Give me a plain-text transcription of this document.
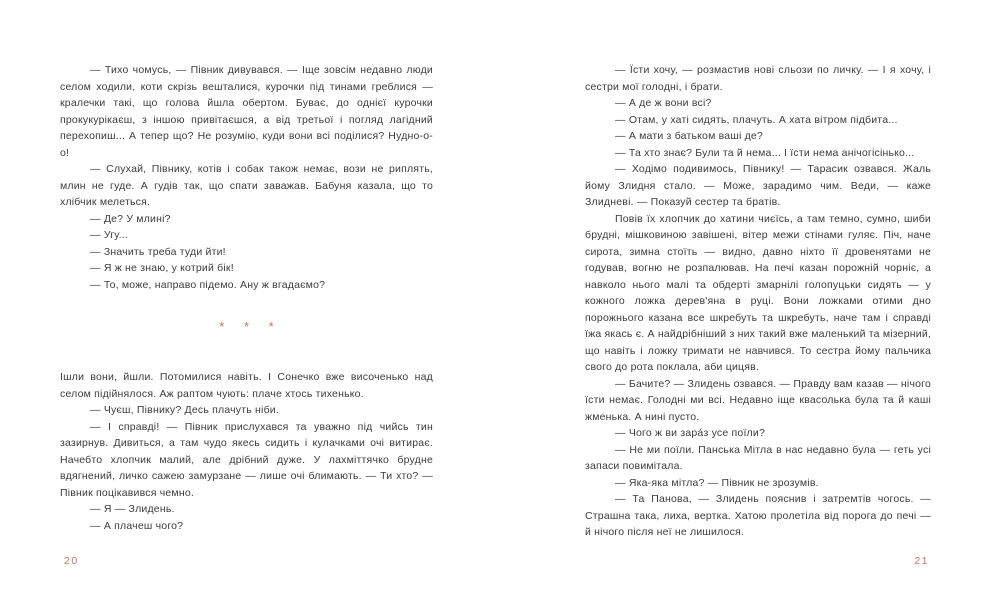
— Тихо чомусь, — Півник дивувався. — Іще зовсім недавно люди селом ходили, коти скрізь вешталися, курочки під тинами греблися — кралечки такі, що голова йшла обертом. Буває, до однієї курочки прокукурікаєш, з іншою привітаєшся, а від третьої і погляд лагідний перехопиш... А тепер що? Не розумію, куди вони всі поділися? Нудно-о-о!

— Слухай, Півнику, котів і собак також немає, вози не риплять, млин не гуде. А гудів так, що спати заважав. Бабуня казала, що то хлібчик мелеться.

— Де? У млині?

— Угу...

— Значить треба туди йти!

— Я ж не знаю, у котрий бік!

— То, може, направо підемо. Ану ж вгадаємо?

* * *

Ішли вони, йшли. Потомилися навіть. І Сонечко вже височенько над селом підійнялося. Аж раптом чують: плаче хтось тихенько.

— Чуєш, Півнику? Десь плачуть ніби.

— І справді! — Півник прислухався та уважно під чийсь тин зазирнув. Дивиться, а там чудо якесь сидить і кулачками очі витирає. Начебто хлопчик малий, але дрібний дуже. У лахміттячко брудне вдягнений, личко сажею замурзане — лише очі блимають. — Ти хто? — Півник поцікавився чемно.

— Я — Злидень.

— А плачеш чого?

— Їсти хочу, — розмастив нові сльози по личку. — І я хочу, і сестри мої голодні, і брати.

— А де ж вони всі?

— Отам, у хаті сидять, плачуть. А хата вітром підбита...

— А мати з батьком ваші де?

— Та хто знає? Були та й нема... І їсти нема анічогісінько...

— Ходімо подивимось, Півнику! — Тарасик озвався. Жаль йому Злидня стало. — Може, зарадимо чим. Веди, — каже Злидневі. — Показуй сестер та братів.

Повів їх хлопчик до хатини чиєїсь, а там темно, сумно, шиби брудні, мішковиною завішені, вітер межи стінами гуляє. Піч, наче сирота, зимна стоїть — видно, давно ніхто її дровенятами не годував, вогню не розпалював. На печі казан порожній чорніє, а навколо нього малі та обдерті змарнілі голопуцьки сидять — у кожного ложка дерев'яна в руці. Вони ложками отими дно порожнього казана все шкребуть та шкребуть, наче там і справді їжа якась є. А найдрібніший з них такий вже маленький та мізерний, що навіть і ложку тримати не навчився. То сестра йому пальчика свого до рота поклала, аби цицяв.

— Бачите? — Злидень озвався. — Правду вам казав — нічого їсти немає. Голодні ми всі. Недавно іще квасолька була та й каші жменька. А нині пусто.

— Чого ж ви зара́з усе поїли?

— Не ми поїли. Панська Мітла в нас недавно була — геть усі запаси повимітала.

— Яка-яка мітла? — Півник не зрозумів.

— Та Панова, — Злидень пояснив і затремтів чогось. — Страшна така, лиха, вертка. Хатою пролетіла від порога до печі — й нічого після неї не лишилося.

20	21
